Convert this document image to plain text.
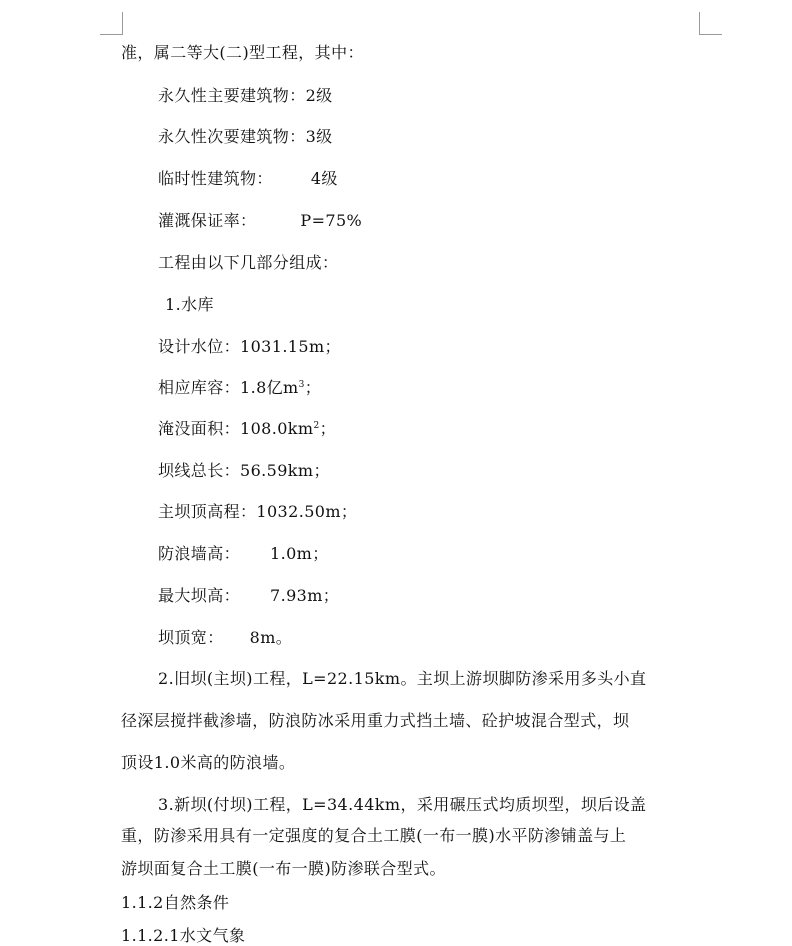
准，属二等大(二)型工程，其中：
永久性主要建筑物：2级
永久性次要建筑物：3级
临时性建筑物： 4级
灌溉保证率：	P=75%
工程由以下几部分组成：
1.水库
设计水位：1031.15m；
相应库容：1.8亿$m^3$；
淹没面积：$108.0km^2$；
坝线总长：56.59km；
主坝顶高程：1032.50m；
防浪墙高： 1.0m；
最大坝高： 7.93m；
坝顶宽： 8m。
2.旧坝(主坝)工程，L=22.15km。主坝上游坝脚防渗采用多头小直
径深层搅拌截渗墙，防浪防冰采用重力式挡土墙、砼护坡混合型式，坝
顶设1.0米高的防浪墙。
3.新坝(付坝)工程，L=34.44km，采用碾压式均质坝型，坝后设盖
重，防渗采用具有一定强度的复合土工膜(一布一膜)水平防渗铺盖与上
游坝面复合土工膜(一布一膜)防渗联合型式。
1.1.2自然条件
1.1.2.1水文气象
